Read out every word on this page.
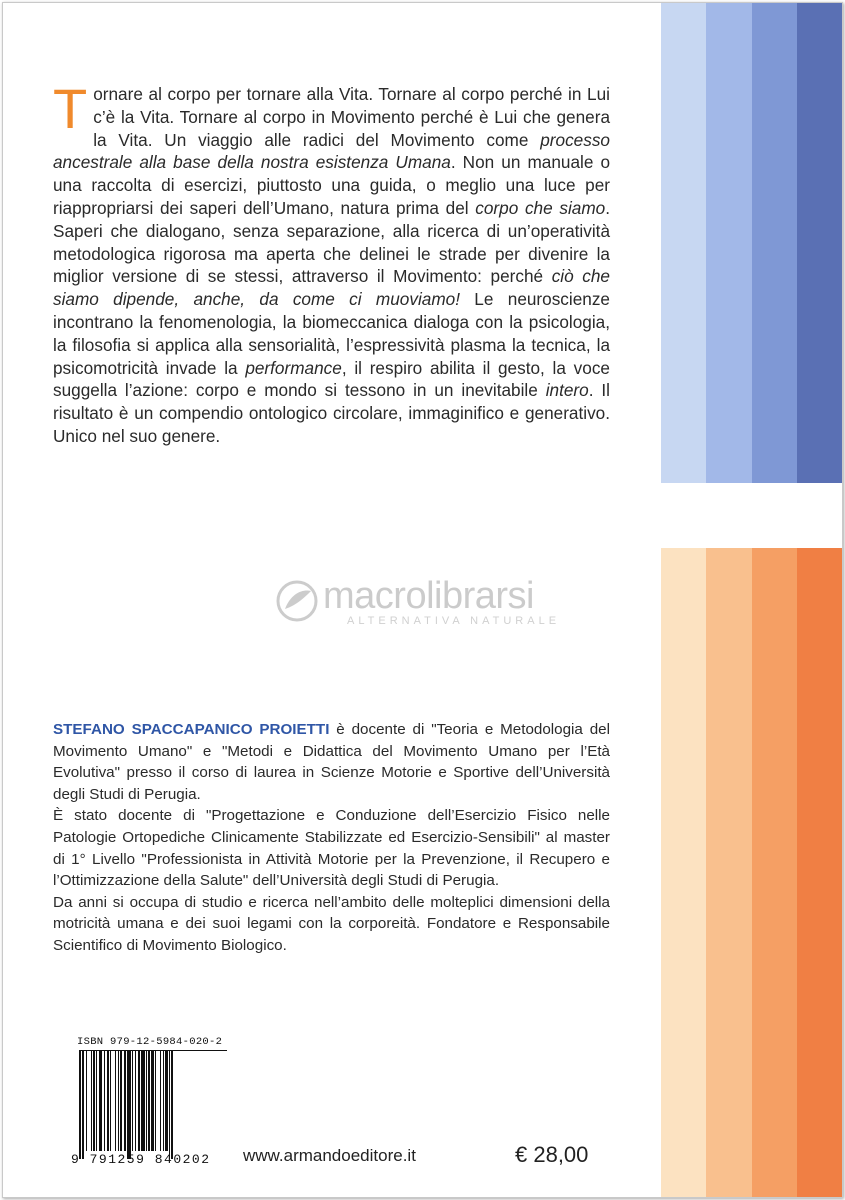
Tornare al corpo per tornare alla Vita. Tornare al corpo perché in Lui c’è la Vita. Tornare al corpo in Movimento perché è Lui che genera la Vita. Un viaggio alle radici del Movimento come processo ancestrale alla base della nostra esistenza Umana. Non un manuale o una raccolta di esercizi, piuttosto una guida, o meglio una luce per riappropriarsi dei saperi dell’Umano, natura prima del corpo che siamo. Saperi che dialogano, senza separazione, alla ricerca di un’operatività metodologica rigorosa ma aperta che delinei le strade per divenire la miglior versione di se stessi, attraverso il Movimento: perché ciò che siamo dipende, anche, da come ci muoviamo! Le neuroscienze incontrano la fenomenologia, la biomeccanica dialoga con la psicologia, la filosofia si applica alla sensorialità, l’espressività plasma la tecnica, la psicomotricità invade la performance, il respiro abilita il gesto, la voce suggella l’azione: corpo e mondo si tessono in un inevitabile intero. Il risultato è un compendio ontologico circolare, immaginifico e generativo. Unico nel suo genere.

macrolibrarsi
ALTERNATIVA NATURALE

STEFANO SPACCAPANICO PROIETTI è docente di "Teoria e Metodologia del Movimento Umano" e "Metodi e Didattica del Movimento Umano per l’Età Evolutiva" presso il corso di laurea in Scienze Motorie e Sportive dell’Università degli Studi di Perugia.

È stato docente di "Progettazione e Conduzione dell’Esercizio Fisico nelle Patologie Ortopediche Clinicamente Stabilizzate ed Esercizio-Sensibili" al master di 1° Livello "Professionista in Attività Motorie per la Prevenzione, il Recupero e l’Ottimizzazione della Salute" dell’Università degli Studi di Perugia.

Da anni si occupa di studio e ricerca nell’ambito delle molteplici dimensioni della motricità umana e dei suoi legami con la corporeità. Fondatore e Responsabile Scientifico di Movimento Biologico.

ISBN 979-12-5984-020-2
9 791259 840202 www.armandoeditore.it	€ 28,00
